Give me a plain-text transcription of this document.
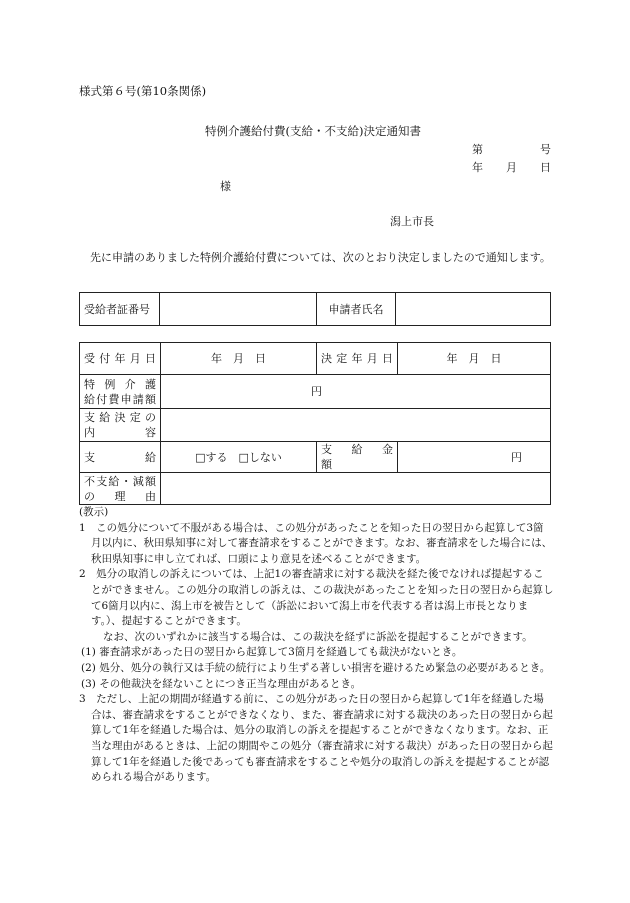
様式第６号(第10条関係)
特例介護給付費(支給・不支給)決定通知書
第	号
年 月 日
様
潟上市長
先に申請のありました特例介護給付費については、次のとおり決定しましたので通知します。
受給者証番号		申請者氏名	
受付年月日	年　月　日	決定年月日	年　月　日

特例介護
給付費申請額	円		

支給決定の
内　　　容			

支　　　給	□する　□しない	支　給　金　額	円

不支給・減額
の　理　由			

(教示)

1　この処分について不服がある場合は、この処分があったことを知った日の翌日から起算して3箇月以内に、秋田県知事に対して審査請求をすることができます。なお、審査請求をした場合には、秋田県知事に申し立てれば、口頭により意見を述べることができます。

2　処分の取消しの訴えについては、上記1の審査請求に対する裁決を経た後でなければ提起することができません。この処分の取消しの訴えは、この裁決があったことを知った日の翌日から起算して6箇月以内に、潟上市を被告として（訴訟において潟上市を代表する者は潟上市長となります。）、提起することができます。

なお、次のいずれかに該当する場合は、この裁決を経ずに訴訟を提起することができます。

(1) 審査請求があった日の翌日から起算して3箇月を経過しても裁決がないとき。

(2) 処分、処分の執行又は手続の続行により生ずる著しい損害を避けるため緊急の必要があるとき。

(3) その他裁決を経ないことにつき正当な理由があるとき。

3　ただし、上記の期間が経過する前に、この処分があった日の翌日から起算して1年を経過した場合は、審査請求をすることができなくなり、また、審査請求に対する裁決のあった日の翌日から起算して1年を経過した場合は、処分の取消しの訴えを提起することができなくなります。なお、正当な理由があるときは、上記の期間やこの処分（審査請求に対する裁決）があった日の翌日から起算して1年を経過した後であっても審査請求をすることや処分の取消しの訴えを提起することが認められる場合があります。
